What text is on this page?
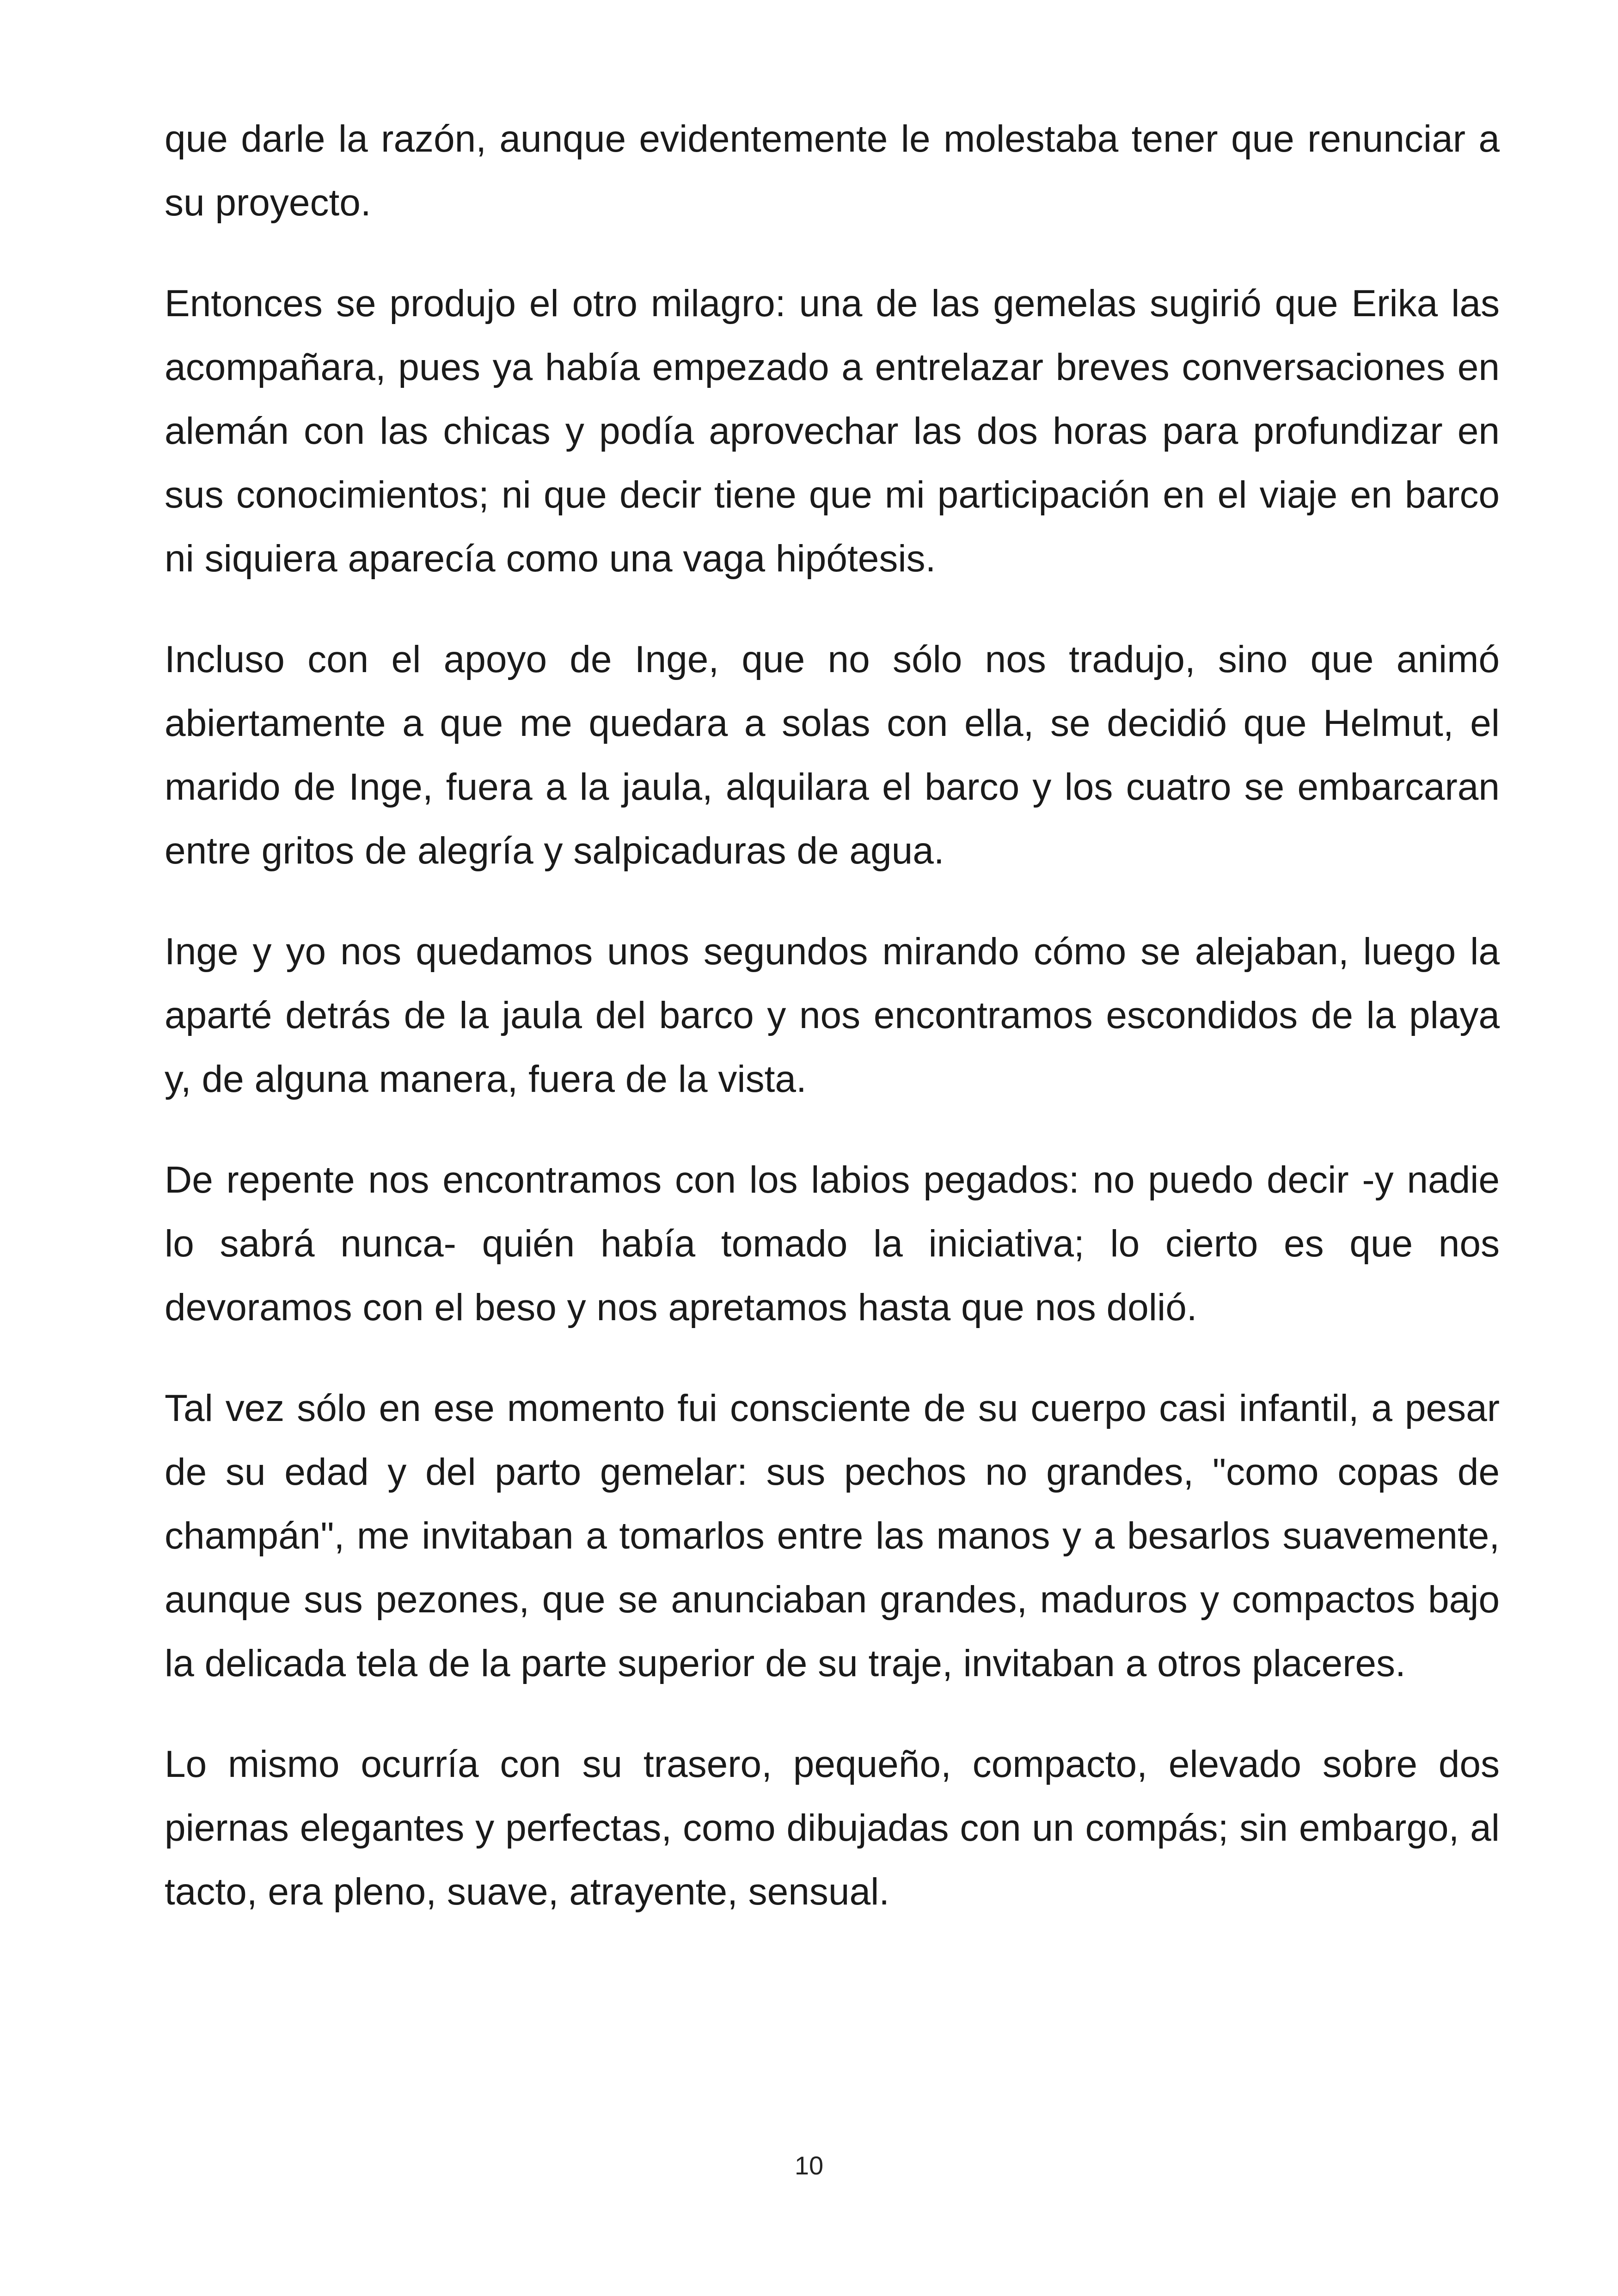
que darle la razón, aunque evidentemente le molestaba tener que renunciar a su proyecto.

Entonces se produjo el otro milagro: una de las gemelas sugirió que Erika las acompañara, pues ya había empezado a entrelazar breves conversaciones en alemán con las chicas y podía aprovechar las dos horas para profundizar en sus conocimientos; ni que decir tiene que mi participación en el viaje en barco ni siquiera aparecía como una vaga hipótesis.

Incluso con el apoyo de Inge, que no sólo nos tradujo, sino que animó abiertamente a que me quedara a solas con ella, se decidió que Helmut, el marido de Inge, fuera a la jaula, alquilara el barco y los cuatro se embarcaran entre gritos de alegría y salpicaduras de agua.

Inge y yo nos quedamos unos segundos mirando cómo se alejaban, luego la aparté detrás de la jaula del barco y nos encontramos escondidos de la playa y, de alguna manera, fuera de la vista.

De repente nos encontramos con los labios pegados: no puedo decir -y nadie lo sabrá nunca- quién había tomado la iniciativa; lo cierto es que nos devoramos con el beso y nos apretamos hasta que nos dolió.

Tal vez sólo en ese momento fui consciente de su cuerpo casi infantil, a pesar de su edad y del parto gemelar: sus pechos no grandes, "como copas de champán", me invitaban a tomarlos entre las manos y a besarlos suavemente, aunque sus pezones, que se anunciaban grandes, maduros y compactos bajo la delicada tela de la parte superior de su traje, invitaban a otros placeres.

Lo mismo ocurría con su trasero, pequeño, compacto, elevado sobre dos piernas elegantes y perfectas, como dibujadas con un compás; sin embargo, al tacto, era pleno, suave, atrayente, sensual.

10
